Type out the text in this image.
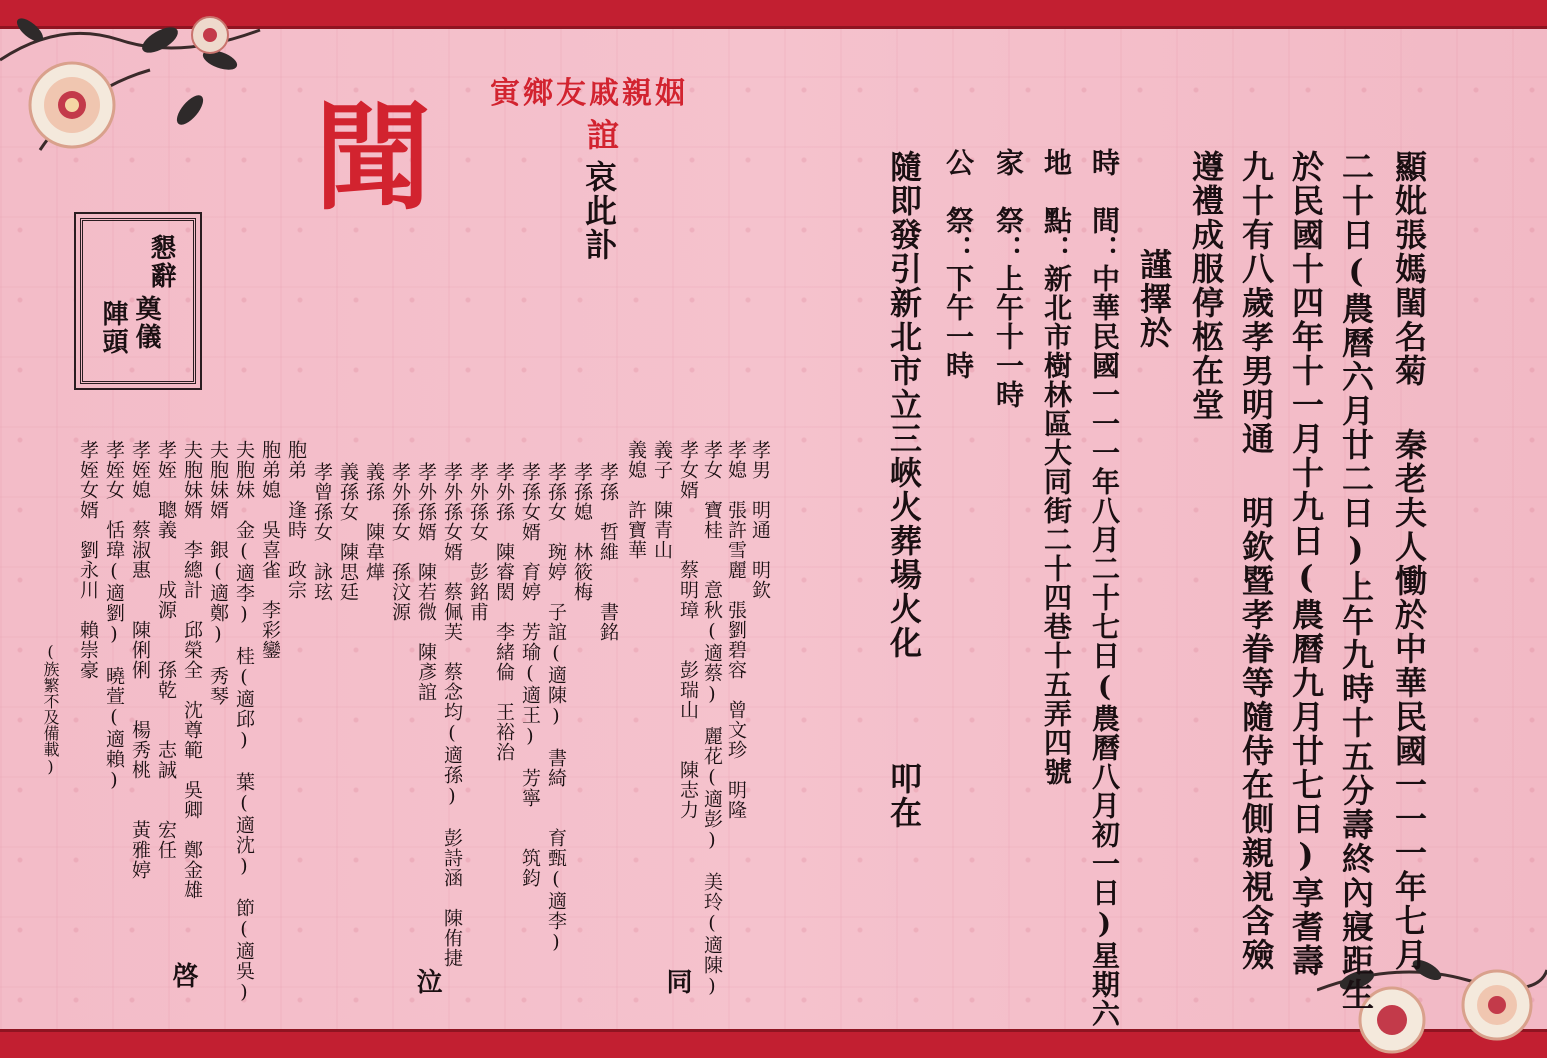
姻親戚友鄉寅
聞	顯妣張媽閨名菊 秦老夫人慟於中華民國一一一年七月
二十日(農曆六月廿二日)上午九時十五分壽終內寢距生
於民國十四年十一月十九日(農曆九月廿七日)享耆壽
九十有八歲孝男明通 明欽暨孝眷等隨侍在側親視含殮
遵禮成服停柩在堂
謹擇於
時　間：中華民國一一一年八月二十七日(農曆八月初一日)星期六
地　點：新北市樹林區大同街二十四巷十五弄四號
家　祭：上午十一時
公　祭：下午一時
隨即發引新北市立三峽火葬場火化　　　叩在
誼
哀此訃
懇辭
奠儀
陣頭
孝男　明通　明欽
孝媳　張許雪麗　張劉碧容　曾文珍　明隆
孝女　寶桂　　意秋(適蔡)　麗花(適彭)　美玲(適陳)
孝女婿　　　蔡明璋　　彭瑞山　　陳志力
義子　陳青山
義媳　許寶華
孝孫　哲維　　書銘
孝孫媳　林筱梅
孝孫女　琬婷　子誼(適陳)　書綺　　育甄(適李)
孝孫女婿　育婷　芳瑜(適王)　芳寧　　筑鈞
孝外孫　陳睿閎　李緒倫　王裕治
孝外孫女　彭銘甫
孝外孫女婿　蔡佩芙　蔡念均(適孫)　彭詩涵　陳侑捷
孝外孫婿　陳若微　陳彥誼
孝外孫女　孫汶源
義孫　陳韋燁
義孫女　陳思廷
孝曾孫女　詠玹
胞弟　逢時　政宗
胞弟媳　吳喜雀　李彩鑾
夫胞妹　金(適李)　桂(適邱)　葉(適沈)　節(適吳)
夫胞妹婿　銀(適鄭)　秀琴
夫胞妹婿　李總計　邱榮全　沈尊範　吳卿　鄭金雄
孝姪　聰義　　成源　　孫乾　　志誠　　宏任
孝姪媳　蔡淑惠　　陳俐俐　　楊秀桃　　黃雅婷
孝姪女　恬瑋(適劉)　曉萱(適賴)
孝姪女婿　劉永川　賴崇豪
同
泣
啓
(族繁不及備載)
